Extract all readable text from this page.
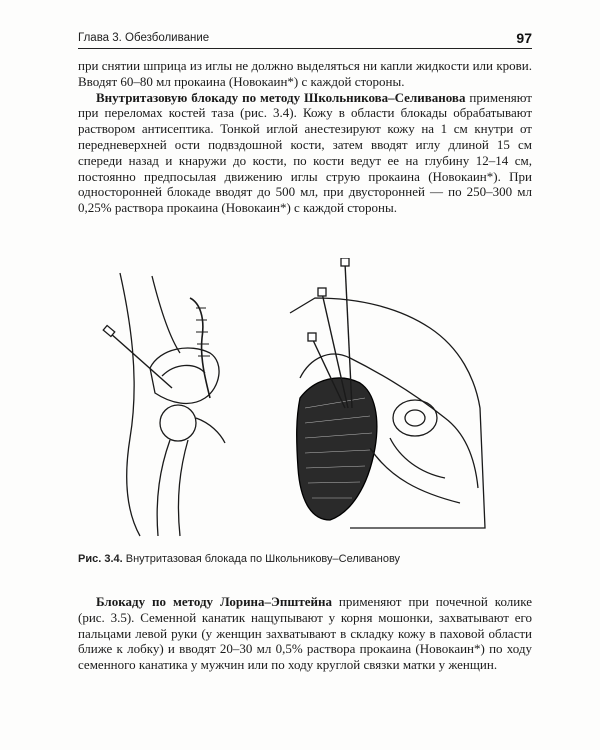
Глава 3. Обезболивание	97

при снятии шприца из иглы не должно выделяться ни капли жидкости или крови. Вводят 60–80 мл прокаина (Новокаин*) с каждой стороны.

Внутритазовую блокаду по методу Школьникова–Селиванова применяют при переломах костей таза (рис. 3.4). Кожу в области блокады обрабатывают раствором антисептика. Тонкой иглой анестезируют кожу на 1 см кнутри от передневерхней ости подвздошной кости, затем вводят иглу длиной 15 см спереди назад и кнаружи до кости, по кости ведут ее на глубину 12–14 см, постоянно предпосылая движению иглы струю прокаина (Новокаин*). При односторонней блокаде вводят до 500 мл, при двусторонней — по 250–300 мл 0,25% раствора прокаина (Новокаин*) с каждой стороны.

Рис. 3.4. Внутритазовая блокада по Школьникову–Селиванову

Блокаду по методу Лорина–Эпштейна применяют при почечной колике (рис. 3.5). Семенной канатик нащупывают у корня мошонки, захватывают его пальцами левой руки (у женщин захватывают в складку кожу в паховой области ближе к лобку) и вводят 20–30 мл 0,5% раствора прокаина (Новокаин*) по ходу семенного канатика у мужчин или по ходу круглой связки матки у женщин.
